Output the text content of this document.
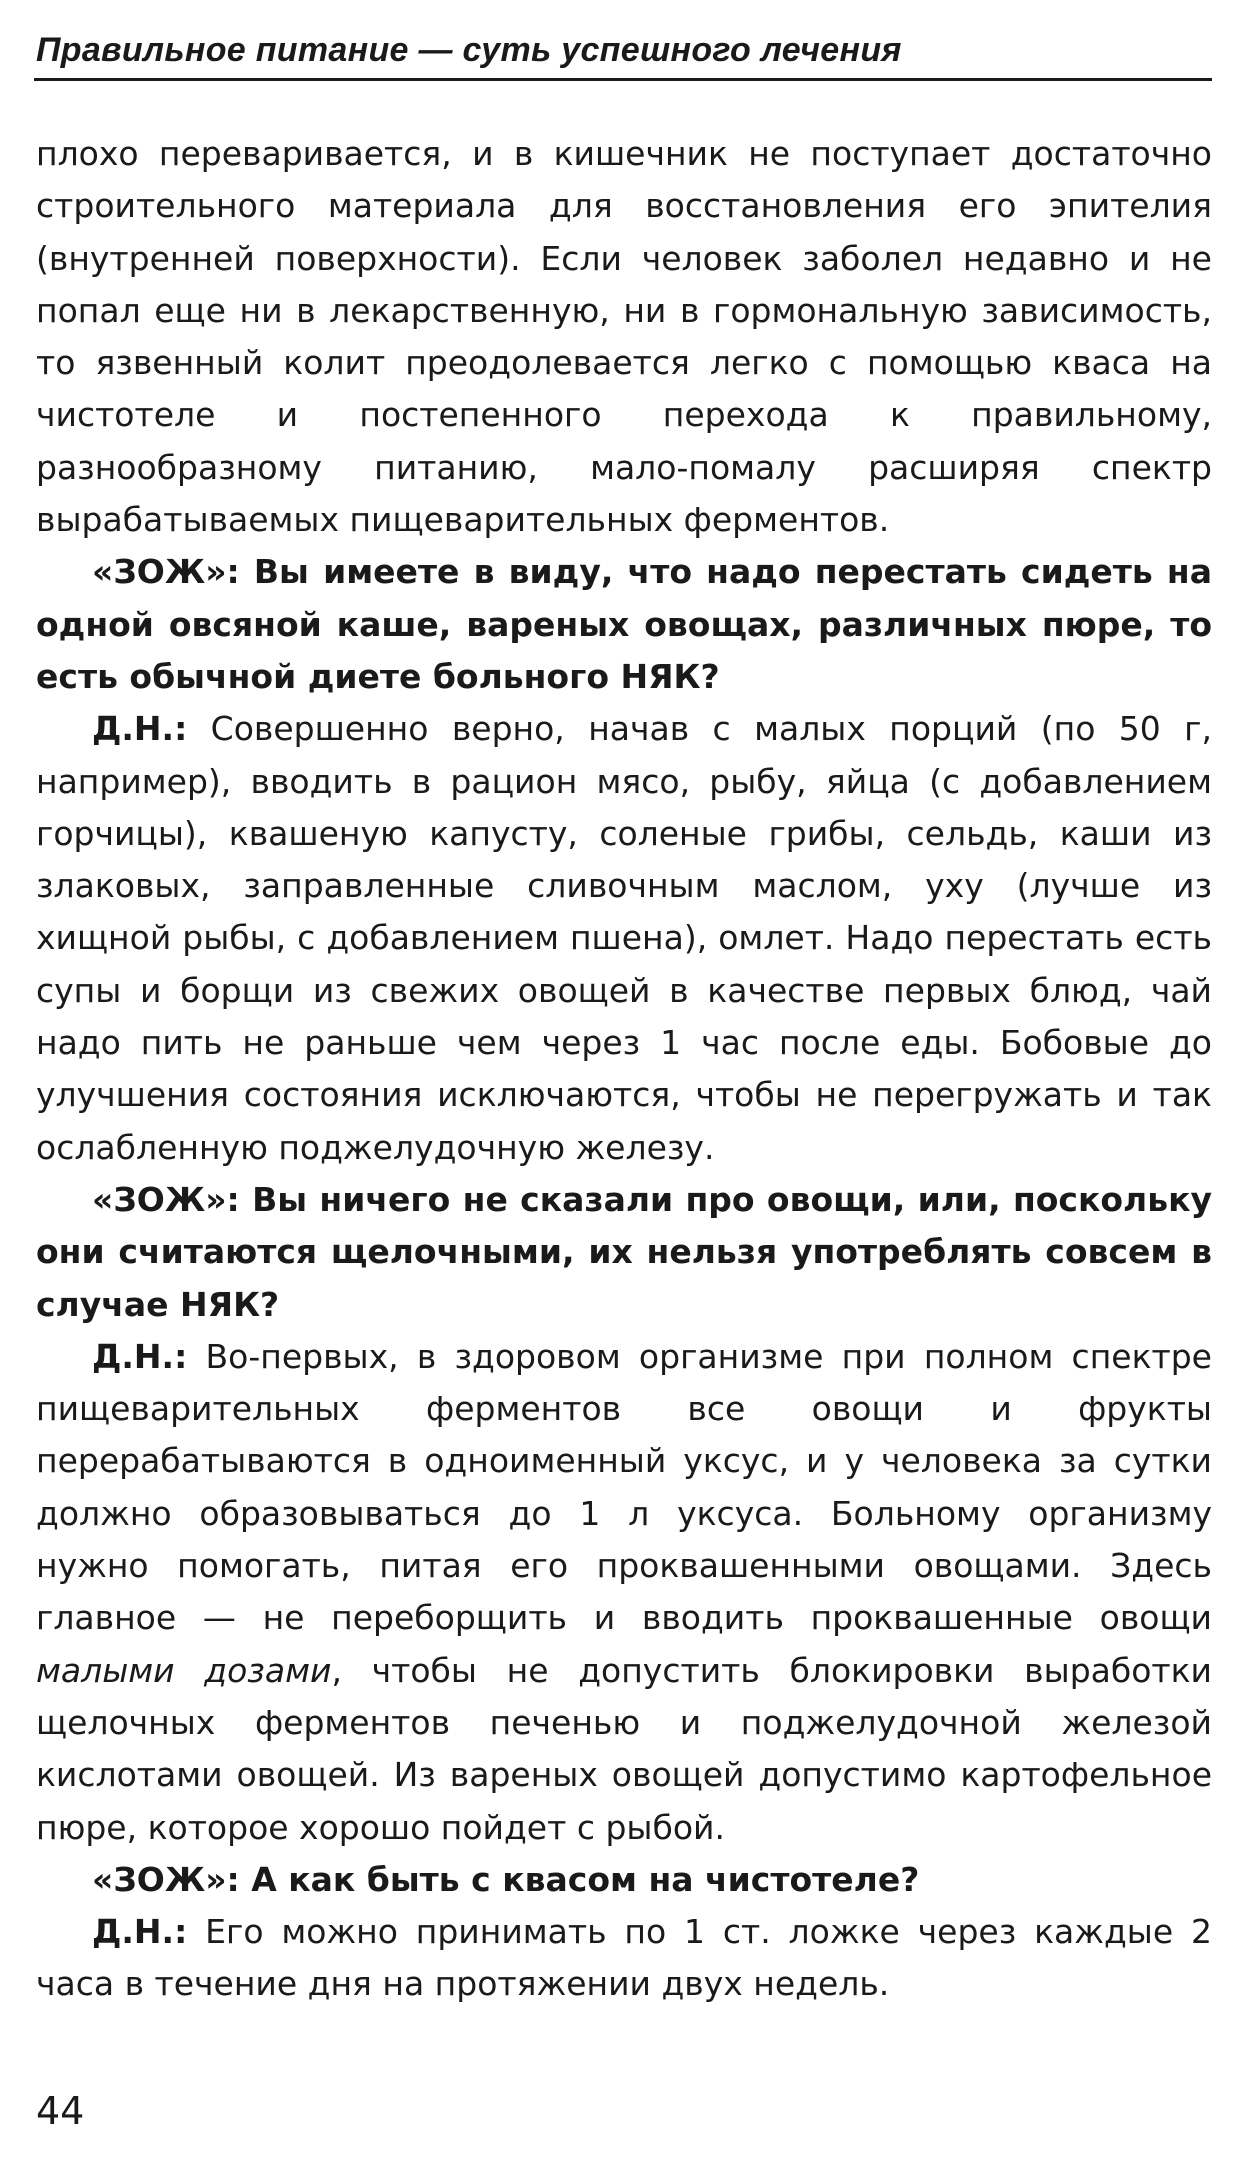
Правильное питание — суть успешного лечения

плохо переваривается, и в кишечник не поступает достаточно строительного материала для восстановления его эпителия (внутренней поверхности). Если человек заболел недавно и не попал еще ни в лекарственную, ни в гормональную зависимость, то язвенный колит преодолевается легко с помощью кваса на чистотеле и постепенного перехода к правильному, разнообразному питанию, мало-помалу расширяя спектр вырабатываемых пищеварительных ферментов.

«ЗОЖ»: Вы имеете в виду, что надо перестать сидеть на одной овсяной каше, вареных овощах, различных пюре, то есть обычной диете больного НЯК?

Д.Н.: Совершенно верно, начав с малых порций (по 50 г, например), вводить в рацион мясо, рыбу, яйца (с добавлением горчицы), квашеную капусту, соленые грибы, сельдь, каши из злаковых, заправленные сливочным маслом, уху (лучше из хищной рыбы, с добавлением пшена), омлет. Надо перестать есть супы и борщи из свежих овощей в качестве первых блюд, чай надо пить не раньше чем через 1 час после еды. Бобовые до улучшения состояния исключаются, чтобы не перегружать и так ослабленную поджелудочную железу.

«ЗОЖ»: Вы ничего не сказали про овощи, или, поскольку они считаются щелочными, их нельзя употреблять совсем в случае НЯК?

Д.Н.: Во-первых, в здоровом организме при полном спектре пищеварительных ферментов все овощи и фрукты перерабатываются в одноименный уксус, и у человека за сутки должно образовываться до 1 л уксуса. Больному организму нужно помогать, питая его проквашенными овощами. Здесь главное — не переборщить и вводить проквашенные овощи малыми дозами, чтобы не допустить блокировки выработки щелочных ферментов печенью и поджелудочной железой кислотами овощей. Из вареных овощей допустимо картофельное пюре, которое хорошо пойдет с рыбой.

«ЗОЖ»: А как быть с квасом на чистотеле?

Д.Н.: Его можно принимать по 1 ст. ложке через каждые 2 часа в течение дня на протяжении двух недель.

44
